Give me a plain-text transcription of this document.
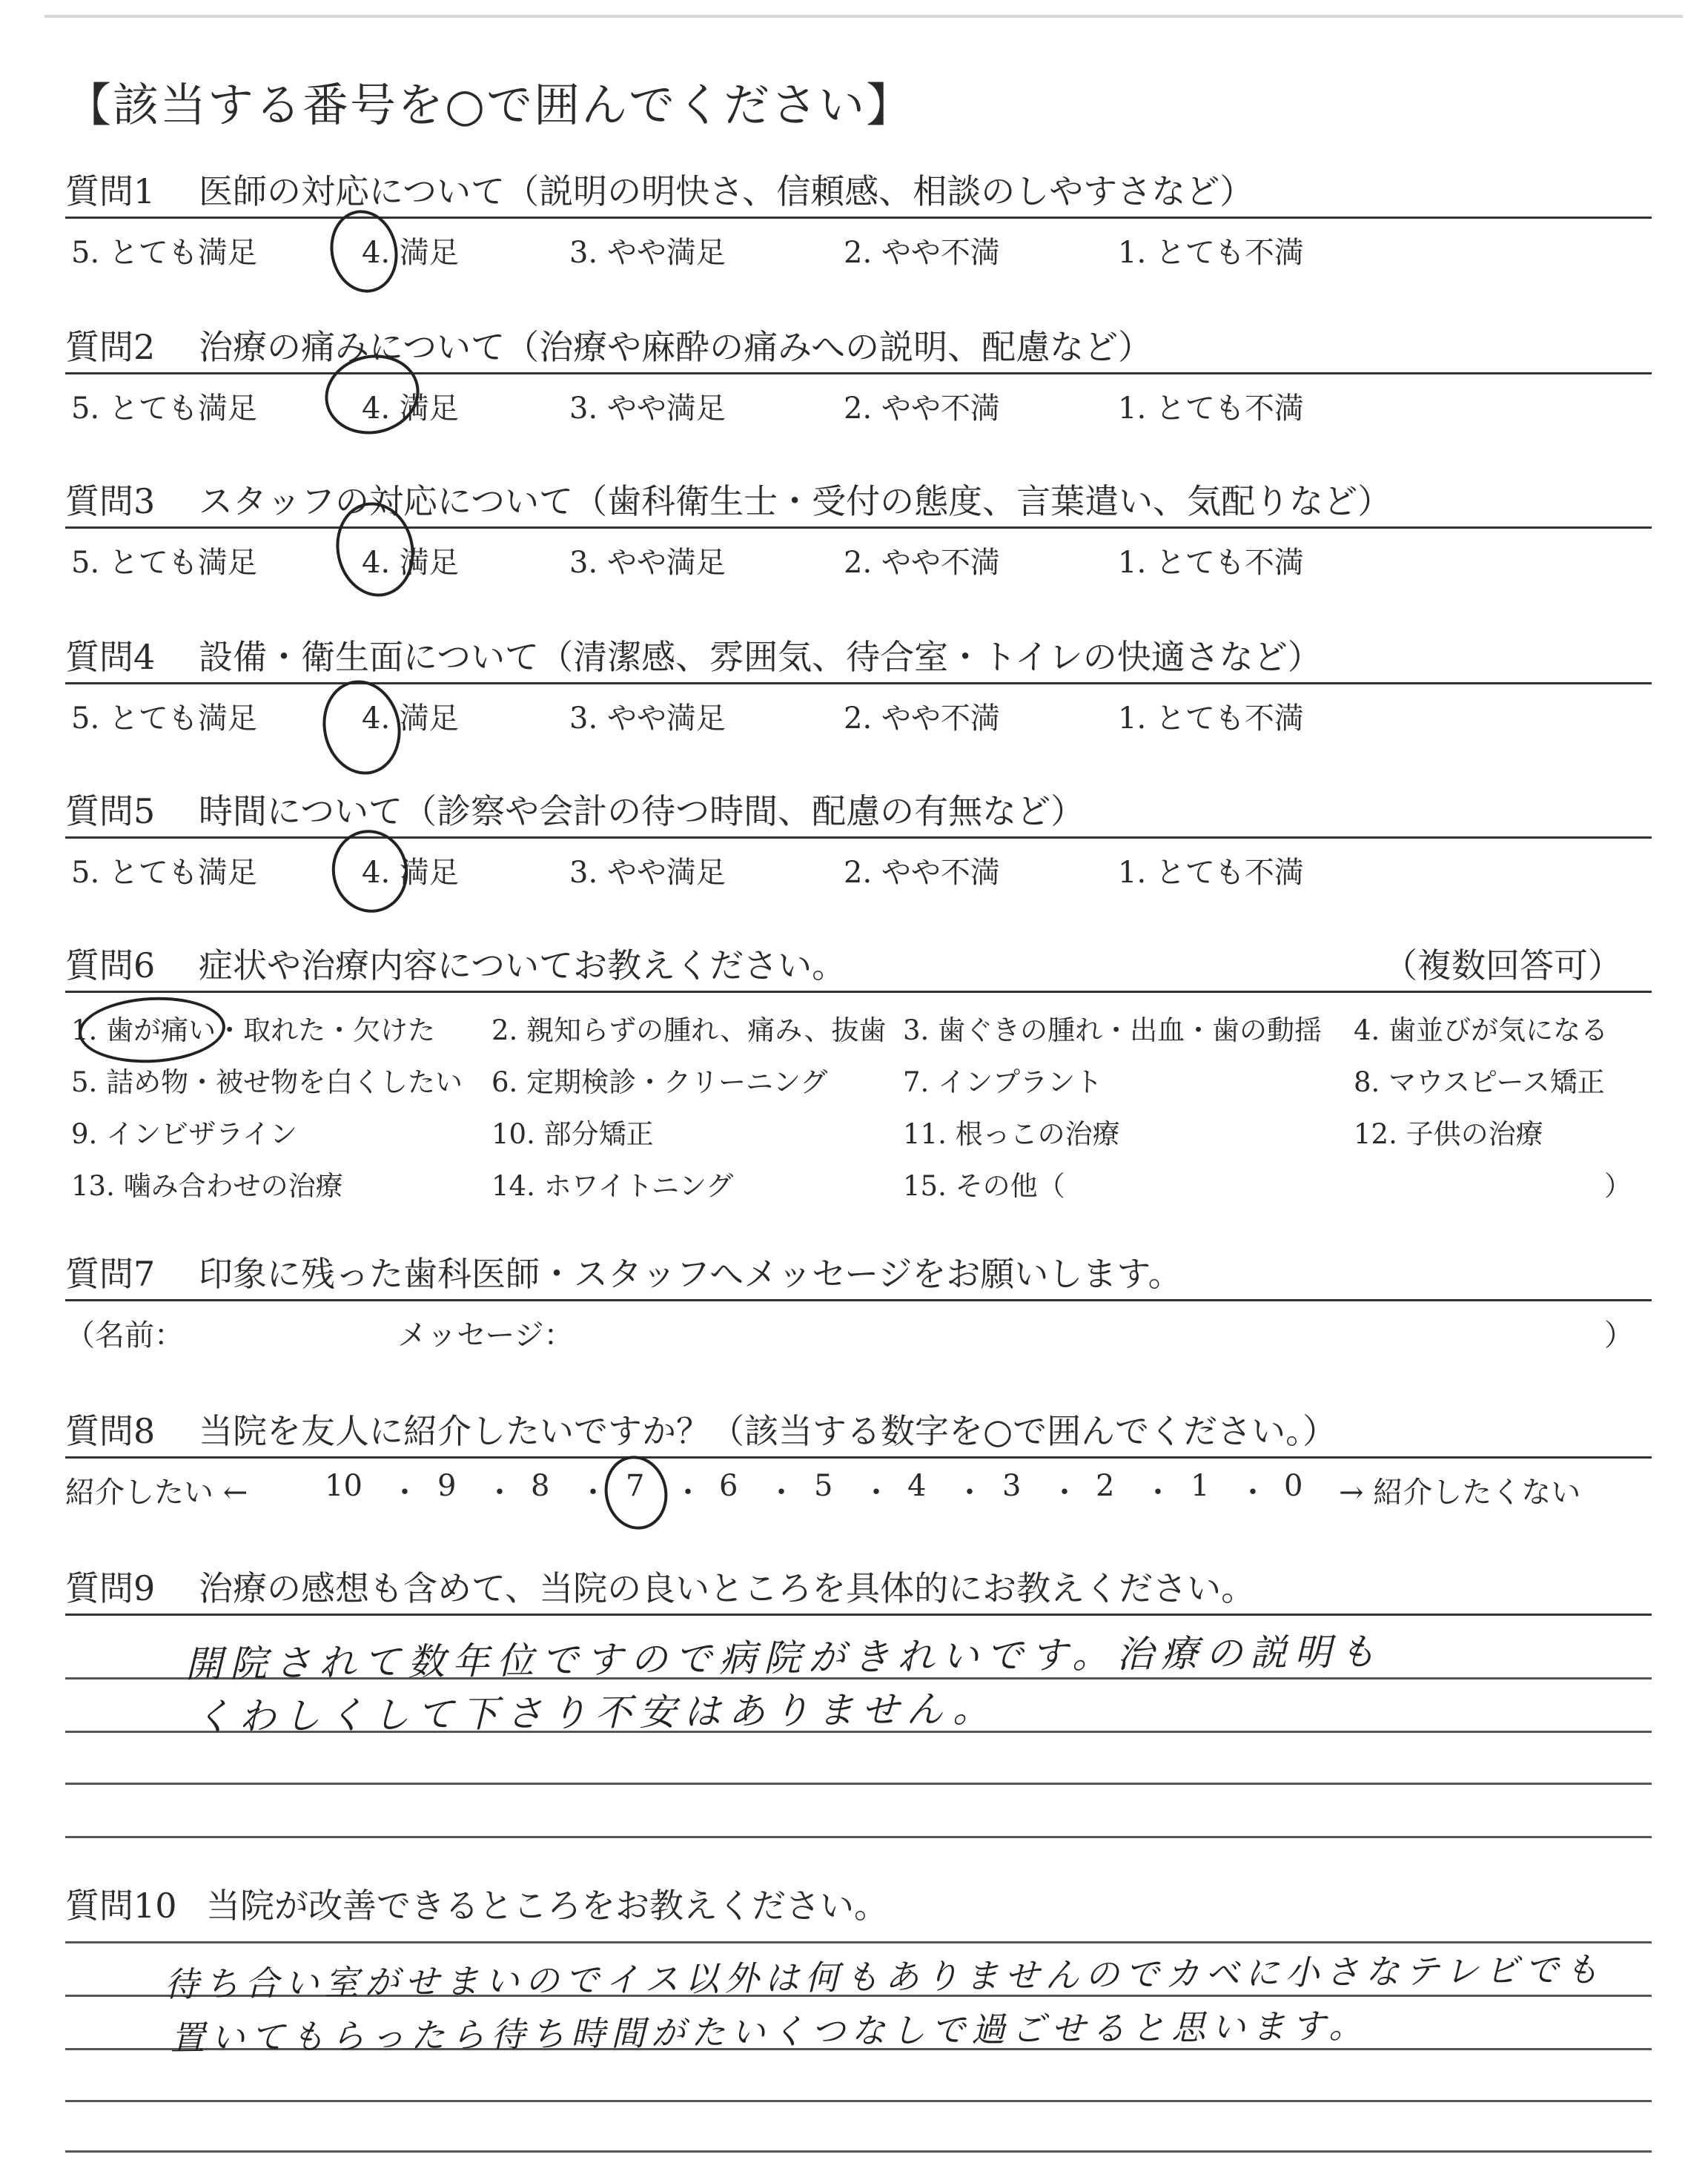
【該当する番号を○で囲んでください】
質問1 医師の対応について（説明の明快さ、信頼感、相談のしやすさなど）
5. とても満足	4. 満足	3. やや満足	2. やや不満	1. とても不満
質問2 治療の痛みについて（治療や麻酔の痛みへの説明、配慮など）
5. とても満足	4. 満足	3. やや満足	2. やや不満	1. とても不満
質問3 スタッフの対応について（歯科衛生士・受付の態度、言葉遣い、気配りなど）
5. とても満足	4. 満足	3. やや満足	2. やや不満	1. とても不満
質問4 設備・衛生面について（清潔感、雰囲気、待合室・トイレの快適さなど）
5. とても満足	4. 満足	3. やや満足	2. やや不満	1. とても不満
質問5 時間について（診察や会計の待つ時間、配慮の有無など）
5. とても満足	4. 満足	3. やや満足	2. やや不満	1. とても不満
質問6 症状や治療内容についてお教えください。	（複数回答可）
1. 歯が痛い・取れた・欠けた 2. 親知らずの腫れ、痛み、抜歯 3. 歯ぐきの腫れ・出血・歯の動揺 4. 歯並びが気になる
5. 詰め物・被せ物を白くしたい 6. 定期検診・クリーニング	7. インプラント	8. マウスピース矯正
9. インビザライン	10. 部分矯正	11. 根っこの治療	12. 子供の治療
13. 噛み合わせの治療	14. ホワイトニング	15. その他（	）
質問7 印象に残った歯科医師・スタッフへメッセージをお願いします。
（名前：	メッセージ：	）
質問8 当院を友人に紹介したいですか？（該当する数字を○で囲んでください。）
紹介したい ←	10 ・ 9 ・ 8 ・ 7 ・ 6 ・ 5 ・ 4 ・ 3 ・ 2 ・ 1 ・ 0 → 紹介したくない
質問9 治療の感想も含めて、当院の良いところを具体的にお教えください。
開院されて数年位ですので病院がきれいです。治療の説明も
くわしくして下さり不安はありません。
質問10 当院が改善できるところをお教えください。
待ち合い室がせまいのでイス以外は何もありませんのでカベに小さなテレビでも
置いてもらったら待ち時間がたいくつなしで過ごせると思います。
